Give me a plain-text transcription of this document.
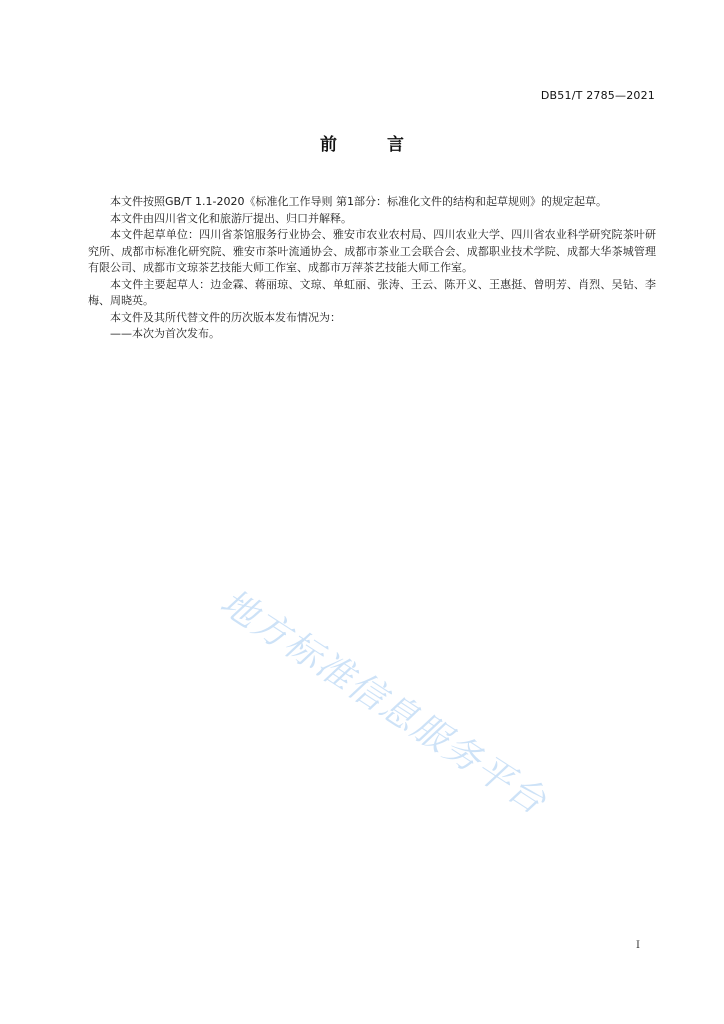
DB51/T 2785—2021
前	言

本文件按照GB/T 1.1-2020《标准化工作导则 第1部分：标准化文件的结构和起草规则》的规定起草。

本文件由四川省文化和旅游厅提出、归口并解释。

本文件起草单位：四川省茶馆服务行业协会、雅安市农业农村局、四川农业大学、四川省农业科学研究院茶叶研究所、成都市标准化研究院、雅安市茶叶流通协会、成都市茶业工会联合会、成都职业技术学院、成都大华茶城管理有限公司、成都市文琼茶艺技能大师工作室、成都市万萍茶艺技能大师工作室。

本文件主要起草人：边金霖、蒋丽琼、文琼、单虹丽、张涛、王云、陈开义、王惠挺、曾明芳、肖烈、吴钻、李梅、周晓英。

本文件及其所代替文件的历次版本发布情况为：

——本次为首次发布。

地方标准信息服务平台
I
